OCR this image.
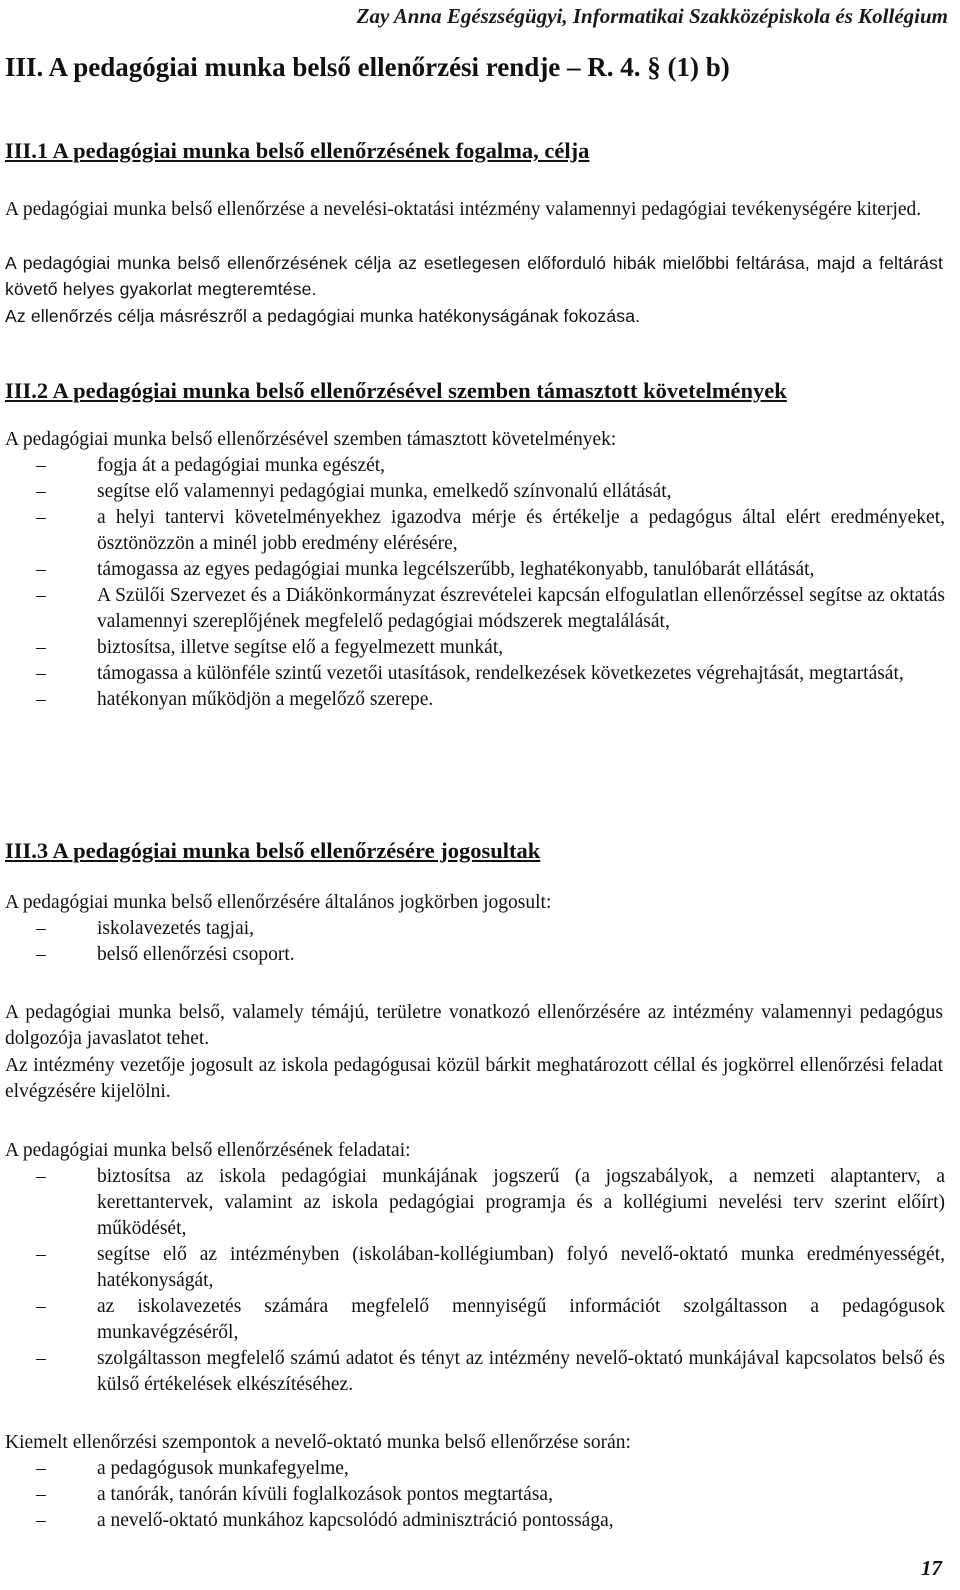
Zay Anna Egészségügyi, Informatikai Szakközépiskola és Kollégium
III. A pedagógiai munka belső ellenőrzési rendje – R. 4. § (1) b)
III.1 A pedagógiai munka belső ellenőrzésének fogalma, célja

A pedagógiai munka belső ellenőrzése a nevelési-oktatási intézmény valamennyi pedagógiai tevékenységére kiterjed.

A pedagógiai munka belső ellenőrzésének célja az esetlegesen előforduló hibák mielőbbi feltárása, majd a feltárást követő helyes gyakorlat megteremtése.

Az ellenőrzés célja másrészről a pedagógiai munka hatékonyságának fokozása.

III.2 A pedagógiai munka belső ellenőrzésével szemben támasztott követelmények

A pedagógiai munka belső ellenőrzésével szemben támasztott követelmények:

–	fogja át a pedagógiai munka egészét,
–	segítse elő valamennyi pedagógiai munka, emelkedő színvonalú ellátását,
–	a helyi tantervi követelményekhez igazodva mérje és értékelje a pedagógus által elért eredményeket, ösztönözzön a minél jobb eredmény elérésére,
–	támogassa az egyes pedagógiai munka legcélszerűbb, leghatékonyabb, tanulóbarát ellátását,
–	A Szülői Szervezet és a Diákönkormányzat észrevételei kapcsán elfogulatlan ellenőrzéssel segítse az oktatás valamennyi szereplőjének megfelelő pedagógiai módszerek megtalálását,
–	biztosítsa, illetve segítse elő a fegyelmezett munkát,
–	támogassa a különféle szintű vezetői utasítások, rendelkezések következetes végrehajtását, megtartását,
–	hatékonyan működjön a megelőző szerepe.
III.3 A pedagógiai munka belső ellenőrzésére jogosultak

A pedagógiai munka belső ellenőrzésére általános jogkörben jogosult:

–	iskolavezetés tagjai,
–	belső ellenőrzési csoport.

A pedagógiai munka belső, valamely témájú, területre vonatkozó ellenőrzésére az intézmény valamennyi pedagógus dolgozója javaslatot tehet.

Az intézmény vezetője jogosult az iskola pedagógusai közül bárkit meghatározott céllal és jogkörrel ellenőrzési feladat elvégzésére kijelölni.

A pedagógiai munka belső ellenőrzésének feladatai:

–	biztosítsa az iskola pedagógiai munkájának jogszerű (a jogszabályok, a nemzeti alaptanterv, a kerettantervek, valamint az iskola pedagógiai programja és a kollégiumi nevelési terv szerint előírt) működését,
–	segítse elő az intézményben (iskolában-kollégiumban) folyó nevelő-oktató munka eredményességét, hatékonyságát,
–	az iskolavezetés számára megfelelő mennyiségű információt szolgáltasson a pedagógusok munkavégzéséről,
–	szolgáltasson megfelelő számú adatot és tényt az intézmény nevelő-oktató munkájával kapcsolatos belső és külső értékelések elkészítéséhez.

Kiemelt ellenőrzési szempontok a nevelő-oktató munka belső ellenőrzése során:

–	a pedagógusok munkafegyelme,
–	a tanórák, tanórán kívüli foglalkozások pontos megtartása,
–	a nevelő-oktató munkához kapcsolódó adminisztráció pontossága,
17
